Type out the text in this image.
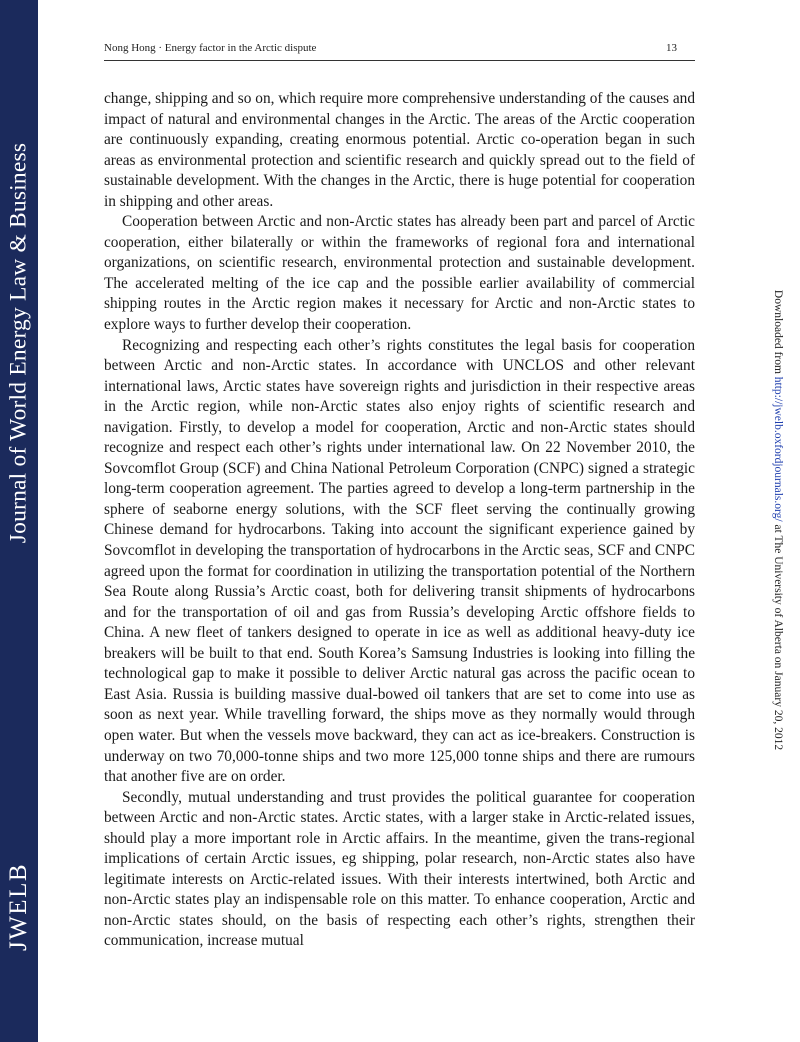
Journal of World Energy Law & Business
JWELB
Nong Hong · Energy factor in the Arctic dispute	13

change, shipping and so on, which require more comprehensive understanding of the causes and impact of natural and environmental changes in the Arctic. The areas of the Arctic cooperation are continuously expanding, creating enormous potential. Arctic co-operation began in such areas as environmental protection and scientific research and quickly spread out to the field of sustainable development. With the changes in the Arctic, there is huge potential for cooperation in shipping and other areas.

Cooperation between Arctic and non-Arctic states has already been part and parcel of Arctic cooperation, either bilaterally or within the frameworks of regional fora and international organizations, on scientific research, environmental protection and sustainable development. The accelerated melting of the ice cap and the possible earlier availability of commercial shipping routes in the Arctic region makes it necessary for Arctic and non-Arctic states to explore ways to further develop their cooperation.

Recognizing and respecting each other’s rights constitutes the legal basis for cooperation between Arctic and non-Arctic states. In accordance with UNCLOS and other relevant international laws, Arctic states have sovereign rights and jurisdiction in their respective areas in the Arctic region, while non-Arctic states also enjoy rights of scientific research and navigation. Firstly, to develop a model for cooperation, Arctic and non-Arctic states should recognize and respect each other’s rights under international law. On 22 November 2010, the Sovcomflot Group (SCF) and China National Petroleum Corporation (CNPC) signed a strategic long-term cooperation agreement. The parties agreed to develop a long-term partnership in the sphere of seaborne energy solutions, with the SCF fleet serving the continually growing Chinese demand for hydrocarbons. Taking into account the significant experience gained by Sovcomflot in developing the transportation of hydrocarbons in the Arctic seas, SCF and CNPC agreed upon the format for coordination in utilizing the transportation potential of the Northern Sea Route along Russia’s Arctic coast, both for delivering transit shipments of hydrocarbons and for the transportation of oil and gas from Russia’s developing Arctic offshore fields to China. A new fleet of tankers designed to operate in ice as well as additional heavy-duty ice breakers will be built to that end. South Korea’s Samsung Industries is looking into filling the technological gap to make it possible to deliver Arctic natural gas across the pacific ocean to East Asia. Russia is building massive dual-bowed oil tankers that are set to come into use as soon as next year. While travelling forward, the ships move as they normally would through open water. But when the vessels move backward, they can act as ice-breakers. Construction is underway on two 70,000-tonne ships and two more 125,000 tonne ships and there are rumours that another five are on order.

Secondly, mutual understanding and trust provides the political guarantee for cooperation between Arctic and non-Arctic states. Arctic states, with a larger stake in Arctic-related issues, should play a more important role in Arctic affairs. In the meantime, given the trans-regional implications of certain Arctic issues, eg shipping, polar research, non-Arctic states also have legitimate interests on Arctic-related issues. With their interests intertwined, both Arctic and non-Arctic states play an indispensable role on this matter. To enhance cooperation, Arctic and non-Arctic states should, on the basis of respecting each other’s rights, strengthen their communication, increase mutual

Downloaded from http://jwelb.oxfordjournals.org/ at The University of Alberta on January 20, 2012
